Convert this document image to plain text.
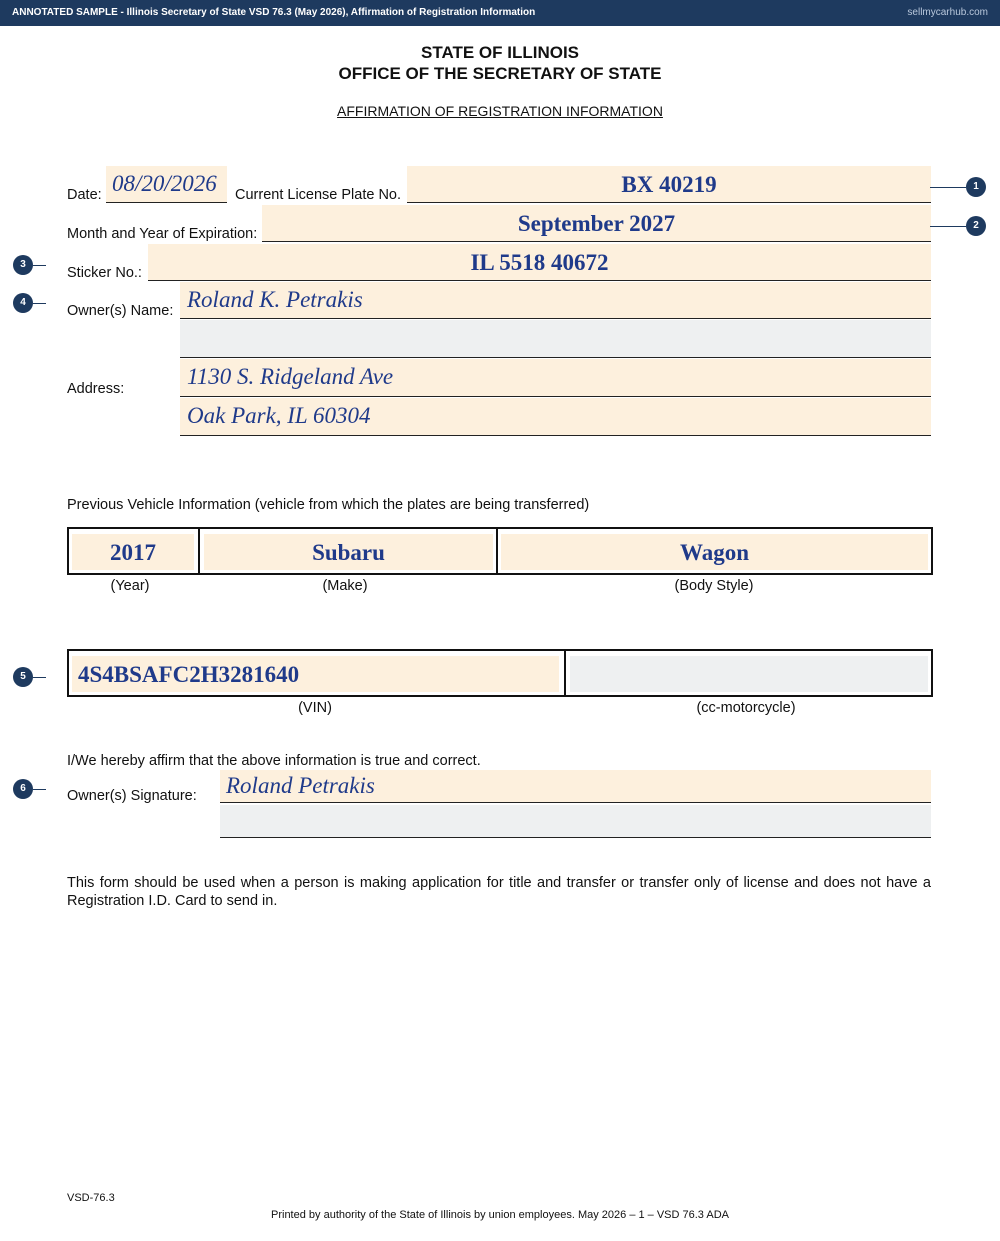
ANNOTATED SAMPLE - Illinois Secretary of State VSD 76.3 (May 2026), Affirmation of Registration Information	sellmycarhub.com
STATE OF ILLINOIS
OFFICE OF THE SECRETARY OF STATE
AFFIRMATION OF REGISTRATION INFORMATION
Date: 08/20/2026 Current License Plate No.	BX 40219
Month and Year of Expiration:	September 2027
Sticker No.:	IL 5518 40672
Owner(s) Name: Roland K. Petrakis
Address:	1130 S. Ridgeland Ave
Oak Park, IL 60304
Previous Vehicle Information (vehicle from which the plates are being transferred)
2017	Subaru	Wagon
(Year)	(Make)	(Body Style)
4S4BSAFC2H3281640
(VIN)	(cc-motorcycle)
I/We hereby affirm that the above information is true and correct.
Owner(s) Signature: Roland Petrakis
This form should be used when a person is making application for title and transfer or transfer only of license and does not have a Registration I.D. Card to send in.
VSD-76.3
Printed by authority of the State of Illinois by union employees. May 2026 – 1 – VSD 76.3 ADA
1
2
3
4
5
6
